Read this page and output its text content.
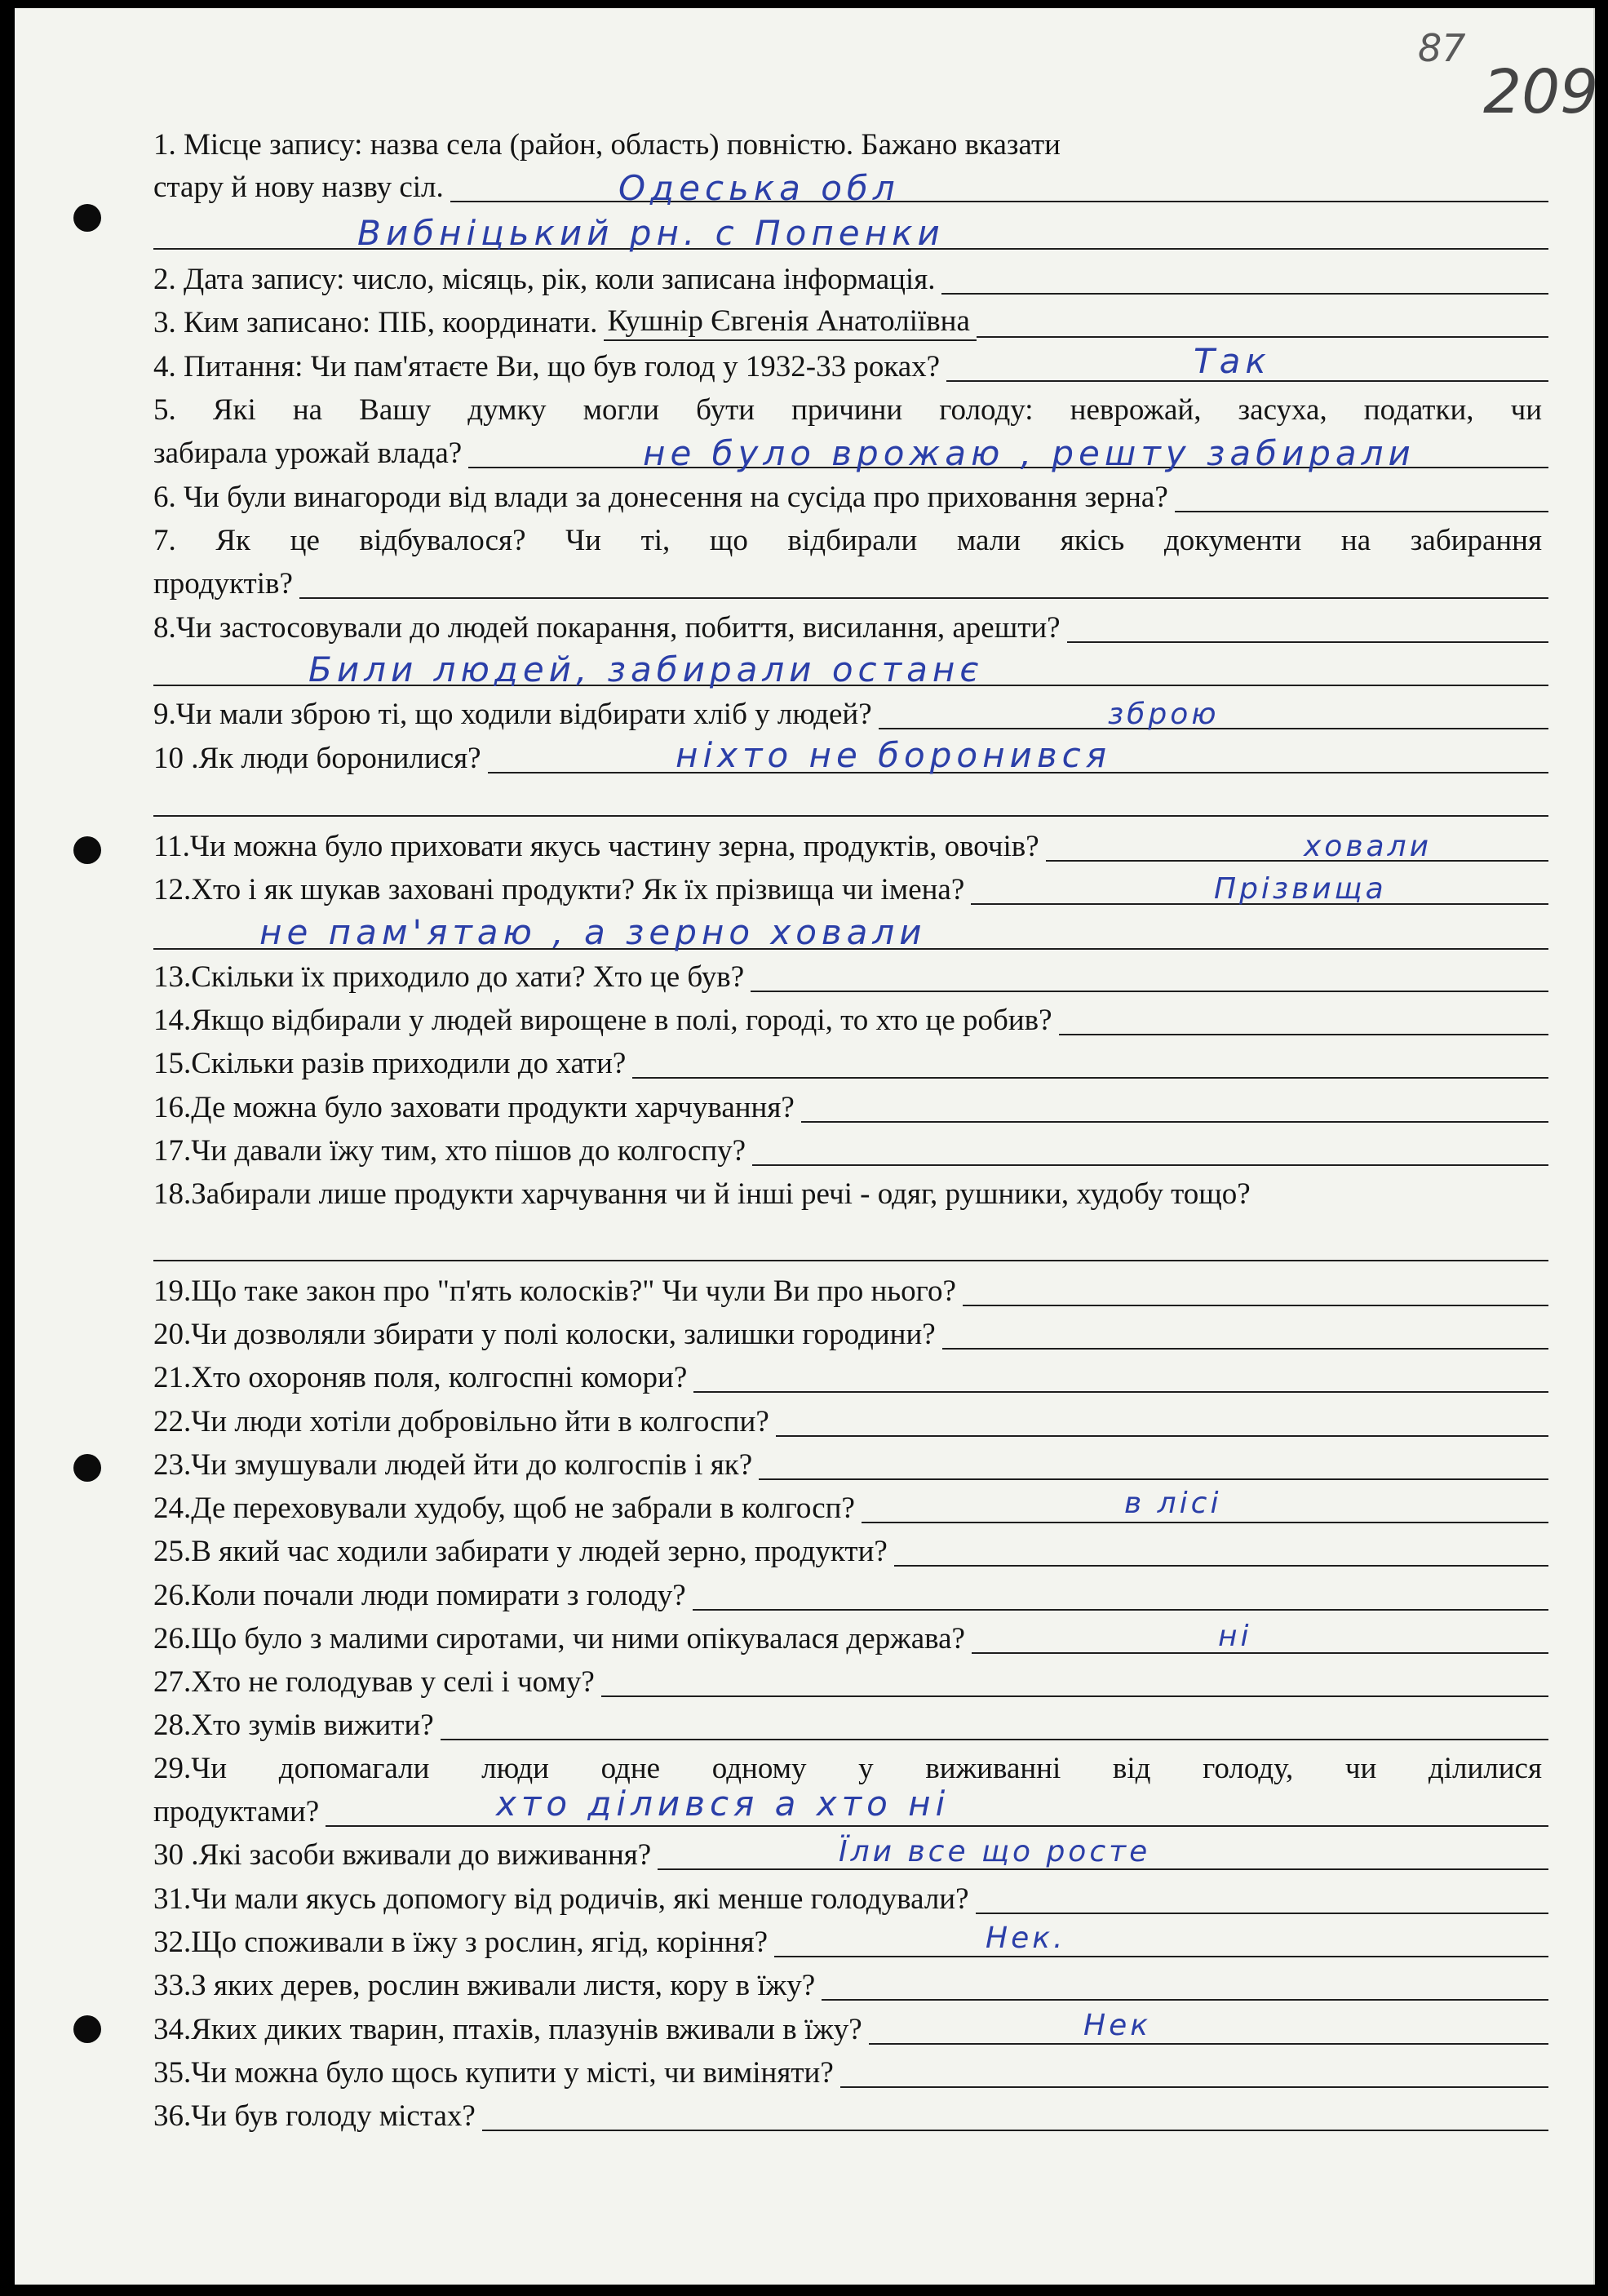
87
209
1. Місце запису: назва села (район, область) повністю. Бажано вказати
стару й нову назву сіл.	Одеська обл
Вибніцький рн. с Попенки
2. Дата запису: число, місяць, рік, коли записана інформація.
3. Ким записано: ПІБ, координати. Кушнір Євгенія Анатоліївна
4. Питання: Чи пам'ятаєте Ви, що був голод у 1932-33 роках?	Так
5. Які на Вашу думку могли бути причини голоду: неврожай, засуха, податки, чи
забирала урожай влада?	не було врожаю , решту забирали
6. Чи були винагороди від влади за донесення на сусіда про приховання зерна?
7. Як це відбувалося? Чи ті, що відбирали мали якісь документи на забирання
продуктів?
8.Чи застосовували до людей покарання, побиття, висилання, арешти?
Били людей, забирали останє
9.Чи мали зброю ті, що ходили відбирати хліб у людей?	зброю
10 .Як люди боронилися?	ніхто не боронився
11.Чи можна було приховати якусь частину зерна, продуктів, овочів?	ховали
12.Хто і як шукав заховані продукти? Як їх прізвища чи імена?	Прізвища
не пам'ятаю , а зерно ховали
13.Скільки їх приходило до хати? Хто це був?
14.Якщо відбирали у людей вирощене в полі, городі, то хто це робив?
15.Скільки разів приходили до хати?
16.Де можна було заховати продукти харчування?
17.Чи давали їжу тим, хто пішов до колгоспу?
18.Забирали лише продукти харчування чи й інші речі - одяг, рушники, худобу тощо?
19.Що таке закон про "п'ять колосків?" Чи чули Ви про нього?
20.Чи дозволяли збирати у полі колоски, залишки городини?
21.Хто охороняв поля, колгоспні комори?
22.Чи люди хотіли добровільно йти в колгоспи?
23.Чи змушували людей йти до колгоспів і як?
24.Де переховували худобу, щоб не забрали в колгосп?	в лісі
25.В який час ходили забирати у людей зерно, продукти?
26.Коли почали люди помирати з голоду?
26.Що було з малими сиротами, чи ними опікувалася держава?	ні
27.Хто не голодував у селі і чому?
28.Хто зумів вижити?
29.Чи допомагали люди одне одному у виживанні від голоду, чи ділилися
продуктами?	хто ділився а хто ні
30 .Які засоби вживали до виживання?	Їли все що росте
31.Чи мали якусь допомогу від родичів, які менше голодували?
32.Що споживали в їжу з рослин, ягід, коріння?	Нек.
33.З яких дерев, рослин вживали листя, кору в їжу?
34.Яких диких тварин, птахів, плазунів вживали в їжу?	Нек
35.Чи можна було щось купити у місті, чи виміняти?
36.Чи був голоду містах?
